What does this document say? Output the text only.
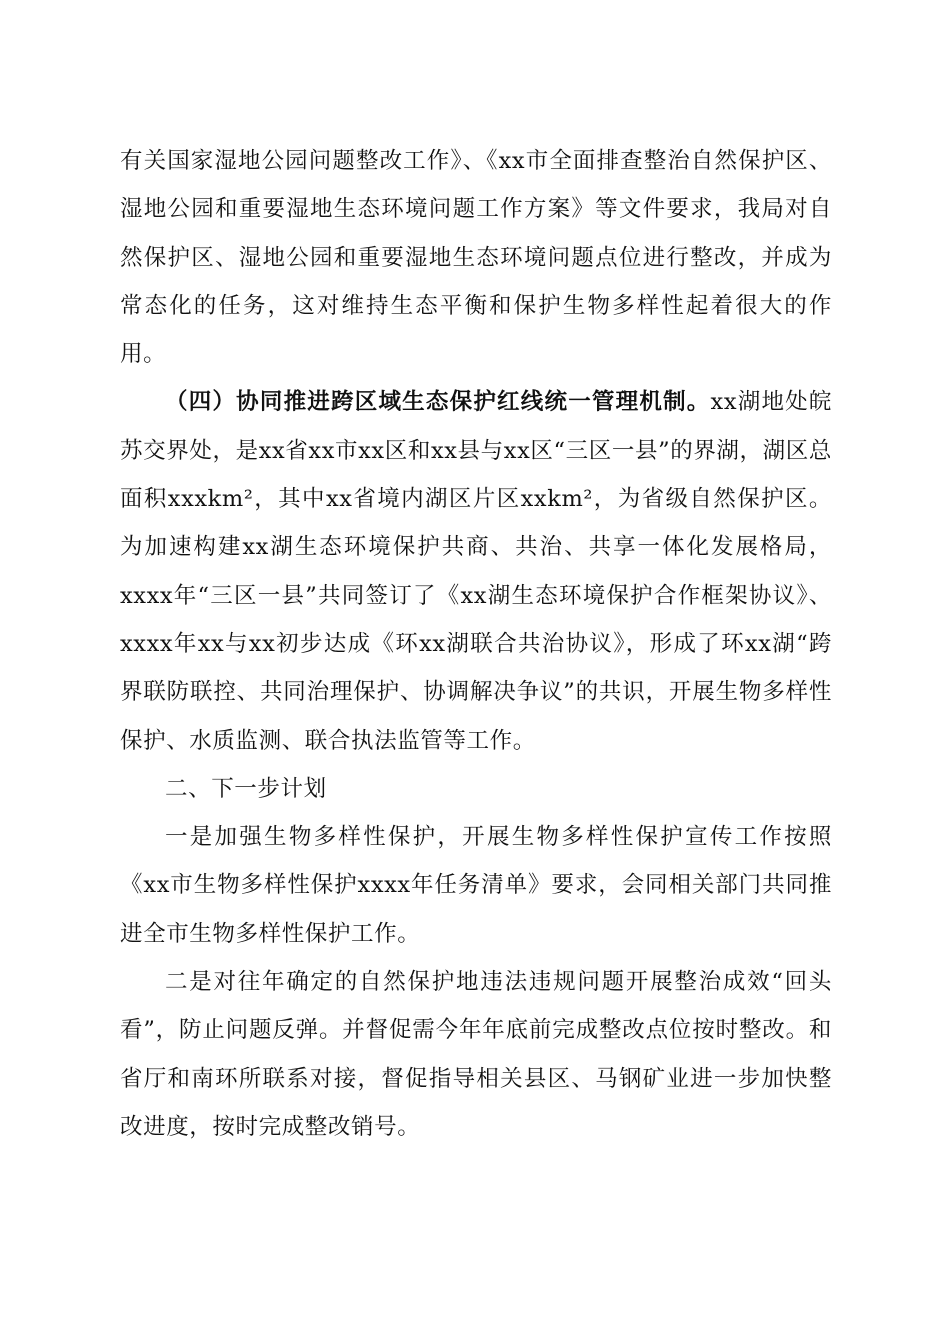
有关国家湿地公园问题整改工作》、《xx市全面排查整治自然保护区、湿地公园和重要湿地生态环境问题工作方案》等文件要求，我局对自然保护区、湿地公园和重要湿地生态环境问题点位进行整改，并成为常态化的任务，这对维持生态平衡和保护生物多样性起着很大的作用。

（四）协同推进跨区域生态保护红线统一管理机制。xx湖地处皖苏交界处，是xx省xx市xx区和xx县与xx区“三区一县”的界湖，湖区总面积xxxkm²，其中xx省境内湖区片区xxkm²，为省级自然保护区。为加速构建xx湖生态环境保护共商、共治、共享一体化发展格局，xxxx年“三区一县”共同签订了《xx湖生态环境保护合作框架协议》、xxxx年xx与xx初步达成《环xx湖联合共治协议》，形成了环xx湖“跨界联防联控、共同治理保护、协调解决争议”的共识，开展生物多样性保护、水质监测、联合执法监管等工作。

二、下一步计划

一是加强生物多样性保护，开展生物多样性保护宣传工作按照《xx市生物多样性保护xxxx年任务清单》要求，会同相关部门共同推进全市生物多样性保护工作。

二是对往年确定的自然保护地违法违规问题开展整治成效“回头看”，防止问题反弹。并督促需今年年底前完成整改点位按时整改。和省厅和南环所联系对接，督促指导相关县区、马钢矿业进一步加快整改进度，按时完成整改销号。
